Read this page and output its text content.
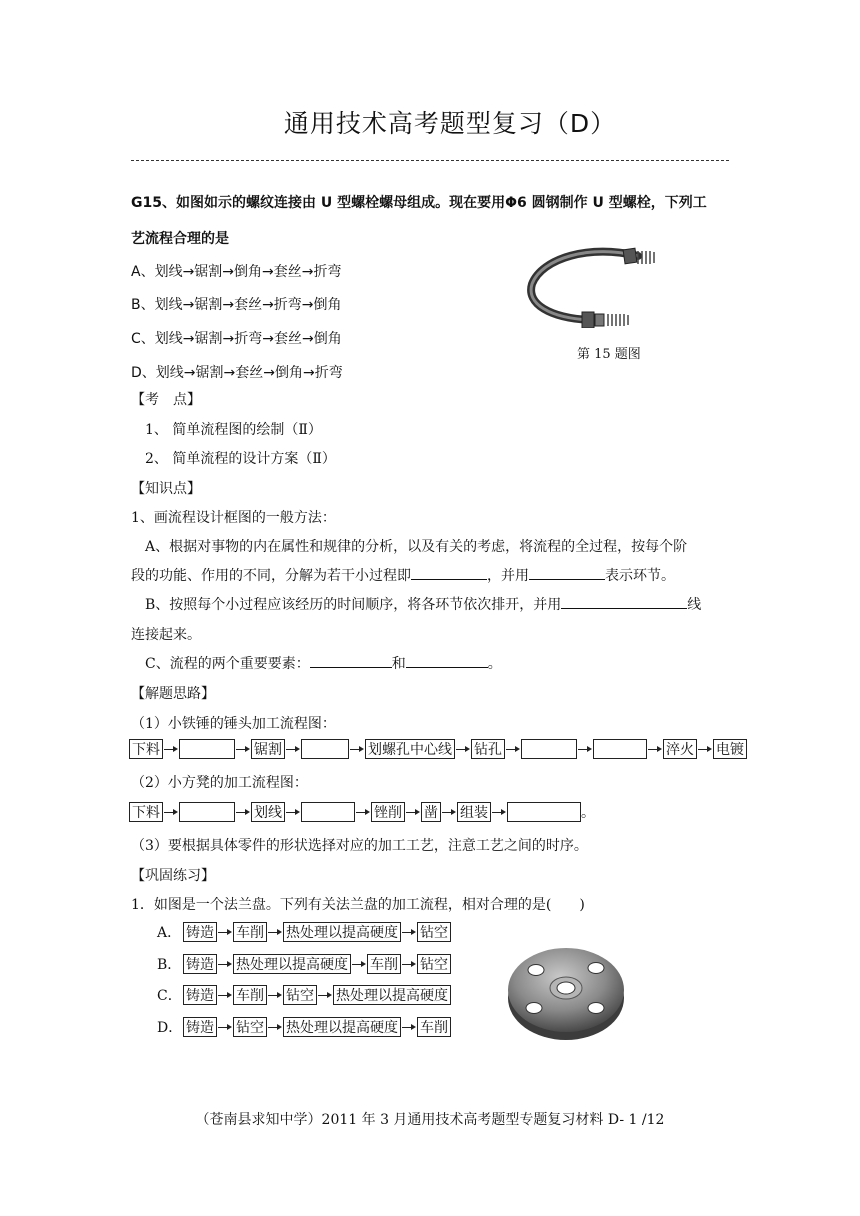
通用技术高考题型复习（D）
G15、如图如示的螺纹连接由 U 型螺栓螺母组成。现在要用Φ6 圆钢制作 U 型螺栓，下列工
艺流程合理的是
A、划线→锯割→倒角→套丝→折弯
B、划线→锯割→套丝→折弯→倒角
C、划线→锯割→折弯→套丝→倒角
D、划线→锯割→套丝→倒角→折弯
第 15 题图
【考　点】
1、 简单流程图的绘制（Ⅱ）
2、 简单流程的设计方案（Ⅱ）
【知识点】
1、画流程设计框图的一般方法：
A、根据对事物的内在属性和规律的分析，以及有关的考虑，将流程的全过程，按每个阶
段的功能、作用的不同，分解为若干小过程即	，并用	表示环节。
B、按照每个小过程应该经历的时间顺序，将各环节依次排开，并用	线
连接起来。
C、流程的两个重要要素：	和	。
【解题思路】
（1）小铁锤的锤头加工流程图：
下料	锯割	划螺孔中心线 钻孔	淬火 电镀
（2）小方凳的加工流程图：
下料	划线	锉削 凿 组装	。
（3）要根据具体零件的形状选择对应的加工工艺，注意工艺之间的时序。
【巩固练习】
1．如图是一个法兰盘。下列有关法兰盘的加工流程，相对合理的是(　　)
A． 铸造 车削 热处理以提高硬度 钻空
B． 铸造 热处理以提高硬度 车削 钻空
C． 铸造 车削 钻空 热处理以提高硬度
D． 铸造 钻空 热处理以提高硬度 车削
（苍南县求知中学）2011 年 3 月通用技术高考题型专题复习材料 D- 1 /12
